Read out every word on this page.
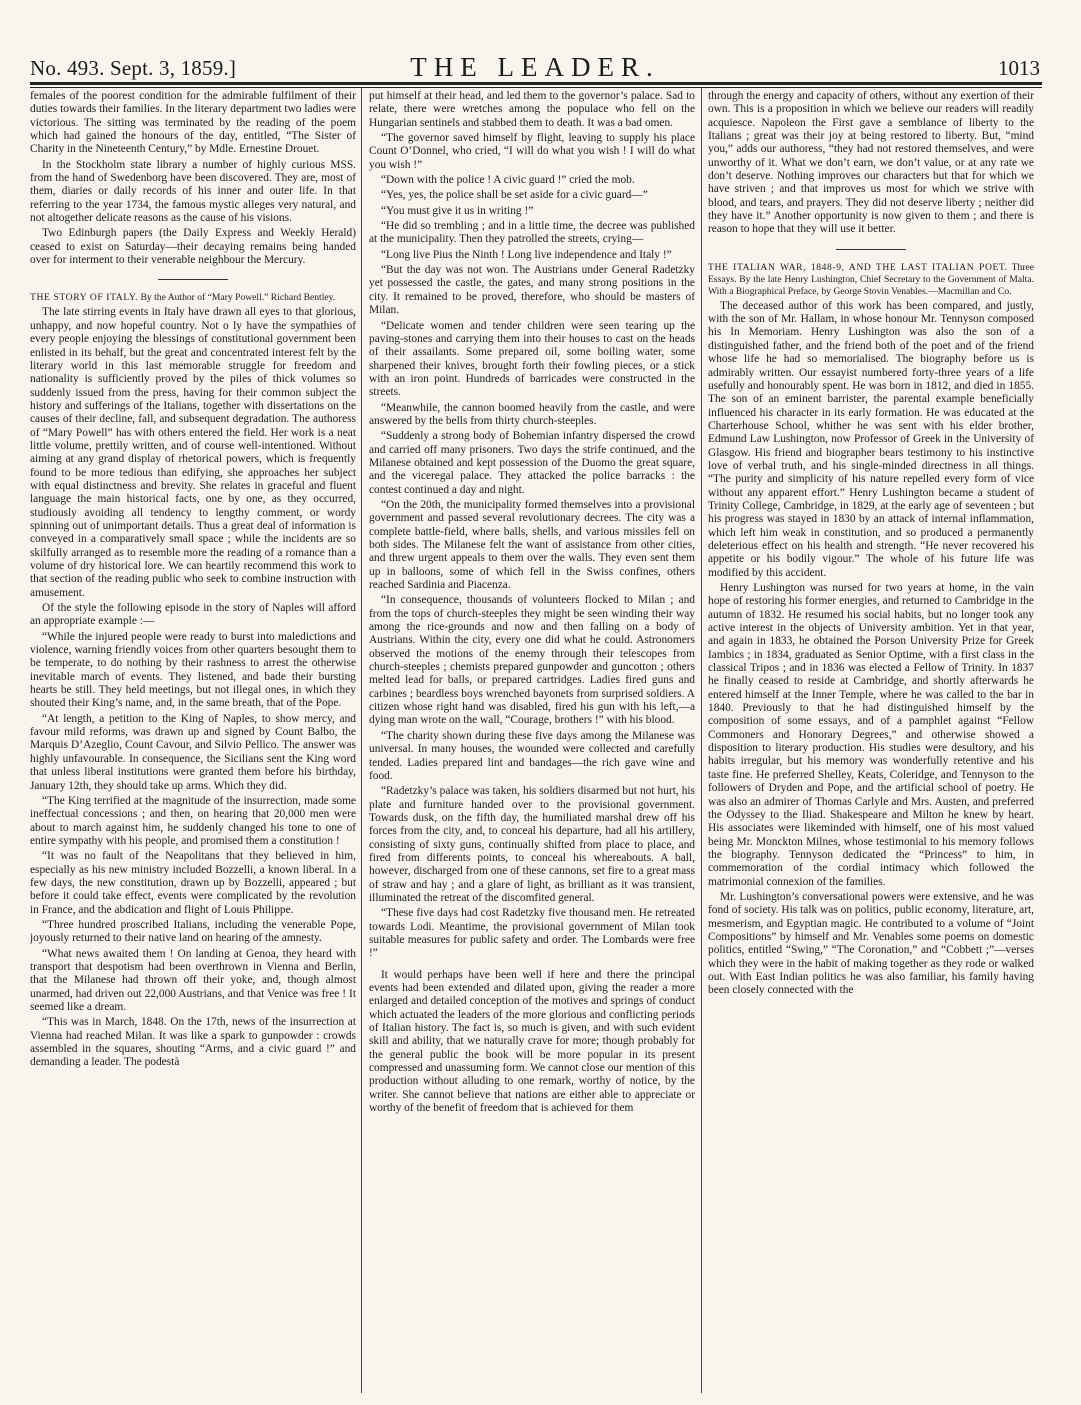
No. 493. Sept. 3, 1859.]	THE LEADER.	1013

females of the poorest condition for the admirable fulfilment of their duties towards their families. In the literary department two ladies were victorious. The sitting was terminated by the reading of the poem which had gained the honours of the day, entitled, “The Sister of Charity in the Nineteenth Century,” by Mdle. Ernestine Drouet.

In the Stockholm state library a number of highly curious MSS. from the hand of Swedenborg have been discovered. They are, most of them, diaries or daily records of his inner and outer life. In that referring to the year 1734, the famous mystic alleges very natural, and not altogether delicate reasons as the cause of his visions.

Two Edinburgh papers (the Daily Express and Weekly Herald) ceased to exist on Saturday—their decaying remains being handed over for interment to their venerable neighbour the Mercury.

THE STORY OF ITALY. By the Author of “Mary Powell.” Richard Bentley.

The late stirring events in Italy have drawn all eyes to that glorious, unhappy, and now hopeful country. Not o ly have the sympathies of every people enjoying the blessings of constitutional government been enlisted in its behalf, but the great and concentrated interest felt by the literary world in this last memorable struggle for freedom and nationality is sufficiently proved by the piles of thick volumes so suddenly issued from the press, having for their common subject the history and sufferings of the Italians, together with dissertations on the causes of their decline, fall, and subsequent degradation. The authoress of “Mary Powell” has with others entered the field. Her work is a neat little volume, prettily written, and of course well-intentioned. Without aiming at any grand display of rhetorical powers, which is frequently found to be more tedious than edifying, she approaches her subject with equal distinctness and brevity. She relates in graceful and fluent language the main historical facts, one by one, as they occurred, studiously avoiding all tendency to lengthy comment, or wordy spinning out of unimportant details. Thus a great deal of information is conveyed in a comparatively small space ; while the incidents are so skilfully arranged as to resemble more the reading of a romance than a volume of dry historical lore. We can heartily recommend this work to that section of the reading public who seek to combine instruction with amusement.

Of the style the following episode in the story of Naples will afford an appropriate example :—

“While the injured people were ready to burst into maledictions and violence, warning friendly voices from other quarters besought them to be temperate, to do nothing by their rashness to arrest the otherwise inevitable march of events. They listened, and bade their bursting hearts be still. They held meetings, but not illegal ones, in which they shouted their King’s name, and, in the same breath, that of the Pope.

“At length, a petition to the King of Naples, to show mercy, and favour mild reforms, was drawn up and signed by Count Balbo, the Marquis D’Azeglio, Count Cavour, and Silvio Pellico. The answer was highly unfavourable. In consequence, the Sicilians sent the King word that unless liberal institutions were granted them before his birthday, January 12th, they should take up arms. Which they did.

“The King terrified at the magnitude of the insurrection, made some ineffectual concessions ; and then, on hearing that 20,000 men were about to march against him, he suddenly changed his tone to one of entire sympathy with his people, and promised them a constitution !

“It was no fault of the Neapolitans that they believed in him, especially as his new ministry included Bozzelli, a known liberal. In a few days, the new constitution, drawn up by Bozzelli, appeared ; but before it could take effect, events were complicated by the revolution in France, and the abdication and flight of Louis Philippe.

“Three hundred proscribed Italians, including the venerable Pope, joyously returned to their native land on hearing of the amnesty.

“What news awaited them ! On landing at Genoa, they heard with transport that despotism had been overthrown in Vienna and Berlin, that the Milanese had thrown off their yoke, and, though almost unarmed, had driven out 22,000 Austrians, and that Venice was free ! It seemed like a dream.

“This was in March, 1848. On the 17th, news of the insurrection at Vienna had reached Milan. It was like a spark to gunpowder : crowds assembled in the squares, shouting “Arms, and a civic guard !” and demanding a leader. The podestà

put himself at their head, and led them to the governor’s palace. Sad to relate, there were wretches among the populace who fell on the Hungarian sentinels and stabbed them to death. It was a bad omen.

“The governor saved himself by flight, leaving to supply his place Count O’Donnel, who cried, “I will do what you wish ! I will do what you wish !”

“Down with the police ! A civic guard !” cried the mob.

“Yes, yes, the police shall be set aside for a civic guard—”

“You must give it us in writing !”

“He did so trembling ; and in a little time, the decree was published at the municipality. Then they patrolled the streets, crying—

“Long live Pius the Ninth ! Long live independence and Italy !”

“But the day was not won. The Austrians under General Radetzky yet possessed the castle, the gates, and many strong positions in the city. It remained to be proved, therefore, who should be masters of Milan.

“Delicate women and tender children were seen tearing up the paving-stones and carrying them into their houses to cast on the heads of their assailants. Some prepared oil, some boiling water, some sharpened their knives, brought forth their fowling pieces, or a stick with an iron point. Hundreds of barricades were constructed in the streets.

“Meanwhile, the cannon boomed heavily from the castle, and were answered by the bells from thirty church-steeples.

“Suddenly a strong body of Bohemian infantry dispersed the crowd and carried off many prisoners. Two days the strife continued, and the Milanese obtained and kept possession of the Duomo the great square, and the viceregal palace. They attacked the police barracks : the contest continued a day and night.

“On the 20th, the municipality formed themselves into a provisional government and passed several revolutionary decrees. The city was a complete battle-field, where balls, shells, and various missiles fell on both sides. The Milanese felt the want of assistance from other cities, and threw urgent appeals to them over the walls. They even sent them up in balloons, some of which fell in the Swiss confines, others reached Sardinia and Piacenza.

“In consequence, thousands of volunteers flocked to Milan ; and from the tops of church-steeples they might be seen winding their way among the rice-grounds and now and then falling on a body of Austrians. Within the city, every one did what he could. Astronomers observed the motions of the enemy through their telescopes from church-steeples ; chemists prepared gunpowder and guncotton ; others melted lead for balls, or prepared cartridges. Ladies fired guns and carbines ; beardless boys wrenched bayonets from surprised soldiers. A citizen whose right hand was disabled, fired his gun with his left,—a dying man wrote on the wall, “Courage, brothers !” with his blood.

“The charity shown during these five days among the Milanese was universal. In many houses, the wounded were collected and carefully tended. Ladies prepared lint and bandages—the rich gave wine and food.

“Radetzky’s palace was taken, his soldiers disarmed but not hurt, his plate and furniture handed over to the provisional government. Towards dusk, on the fifth day, the humiliated marshal drew off his forces from the city, and, to conceal his departure, had all his artillery, consisting of sixty guns, continually shifted from place to place, and fired from differents points, to conceal his whereabouts. A ball, however, discharged from one of these cannons, set fire to a great mass of straw and hay ; and a glare of light, as brilliant as it was transient, illuminated the retreat of the discomfited general.

“These five days had cost Radetzky five thousand men. He retreated towards Lodi. Meantime, the provisional government of Milan took suitable measures for public safety and order. The Lombards were free !”

It would perhaps have been well if here and there the principal events had been extended and dilated upon, giving the reader a more enlarged and detailed conception of the motives and springs of conduct which actuated the leaders of the more glorious and conflicting periods of Italian history. The fact is, so much is given, and with such evident skill and ability, that we naturally crave for more; though probably for the general public the book will be more popular in its present compressed and unassuming form. We cannot close our mention of this production without alluding to one remark, worthy of notice, by the writer. She cannot believe that nations are either able to appreciate or worthy of the benefit of freedom that is achieved for them

through the energy and capacity of others, without any exertion of their own. This is a proposition in which we believe our readers will readily acquiesce. Napoleon the First gave a semblance of liberty to the Italians ; great was their joy at being restored to liberty. But, “mind you,” adds our authoress, “they had not restored themselves, and were unworthy of it. What we don’t earn, we don’t value, or at any rate we don’t deserve. Nothing improves our characters but that for which we have striven ; and that improves us most for which we strive with blood, and tears, and prayers. They did not deserve liberty ; neither did they have it.” Another opportunity is now given to them ; and there is reason to hope that they will use it better.

THE ITALIAN WAR, 1848-9, AND THE LAST ITALIAN POET. Three Essays. By the late Henry Lushington, Chief Secretary to the Government of Malta. With a Biographical Preface, by George Stovin Venables.—Macmillan and Co.

The deceased author of this work has been compared, and justly, with the son of Mr. Hallam, in whose honour Mr. Tennyson composed his In Memoriam. Henry Lushington was also the son of a distinguished father, and the friend both of the poet and of the friend whose life he had so memorialised. The biography before us is admirably written. Our essayist numbered forty-three years of a life usefully and honourably spent. He was born in 1812, and died in 1855. The son of an eminent barrister, the parental example beneficially influenced his character in its early formation. He was educated at the Charterhouse School, whither he was sent with his elder brother, Edmund Law Lushington, now Professor of Greek in the University of Glasgow. His friend and biographer bears testimony to his instinctive love of verbal truth, and his single-minded directness in all things. “The purity and simplicity of his nature repelled every form of vice without any apparent effort.” Henry Lushington became a student of Trinity College, Cambridge, in 1829, at the early age of seventeen ; but his progress was stayed in 1830 by an attack of internal inflammation, which left him weak in constitution, and so produced a permanently deleterious effect on his health and strength. “He never recovered his appetite or his bodily vigour.” The whole of his future life was modified by this accident.

Henry Lushington was nursed for two years at home, in the vain hope of restoring his former energies, and returned to Cambridge in the autumn of 1832. He resumed his social habits, but no longer took any active interest in the objects of University ambition. Yet in that year, and again in 1833, he obtained the Porson University Prize for Greek Iambics ; in 1834, graduated as Senior Optime, with a first class in the classical Tripos ; and in 1836 was elected a Fellow of Trinity. In 1837 he finally ceased to reside at Cambridge, and shortly afterwards he entered himself at the Inner Temple, where he was called to the bar in 1840. Previously to that he had distinguished himself by the composition of some essays, and of a pamphlet against “Fellow Commoners and Honorary Degrees,” and otherwise showed a disposition to literary production. His studies were desultory, and his habits irregular, but his memory was wonderfully retentive and his taste fine. He preferred Shelley, Keats, Coleridge, and Tennyson to the followers of Dryden and Pope, and the artificial school of poetry. He was also an admirer of Thomas Carlyle and Mrs. Austen, and preferred the Odyssey to the Iliad. Shakespeare and Milton he knew by heart. His associates were likeminded with himself, one of his most valued being Mr. Monckton Milnes, whose testimonial to his memory follows the biography. Tennyson dedicated the “Princess” to him, in commemoration of the cordial intimacy which followed the matrimonial connexion of the families.

Mr. Lushington’s conversational powers were extensive, and he was fond of society. His talk was on politics, public economy, literature, art, mesmerism, and Egyptian magic. He contributed to a volume of “Joint Compositions” by himself and Mr. Venables some poems on domestic politics, entitled “Swing,” “The Coronation,” and “Cobbett ;”—verses which they were in the habit of making together as they rode or walked out. With East Indian politics he was also familiar, his family having been closely connected with the
